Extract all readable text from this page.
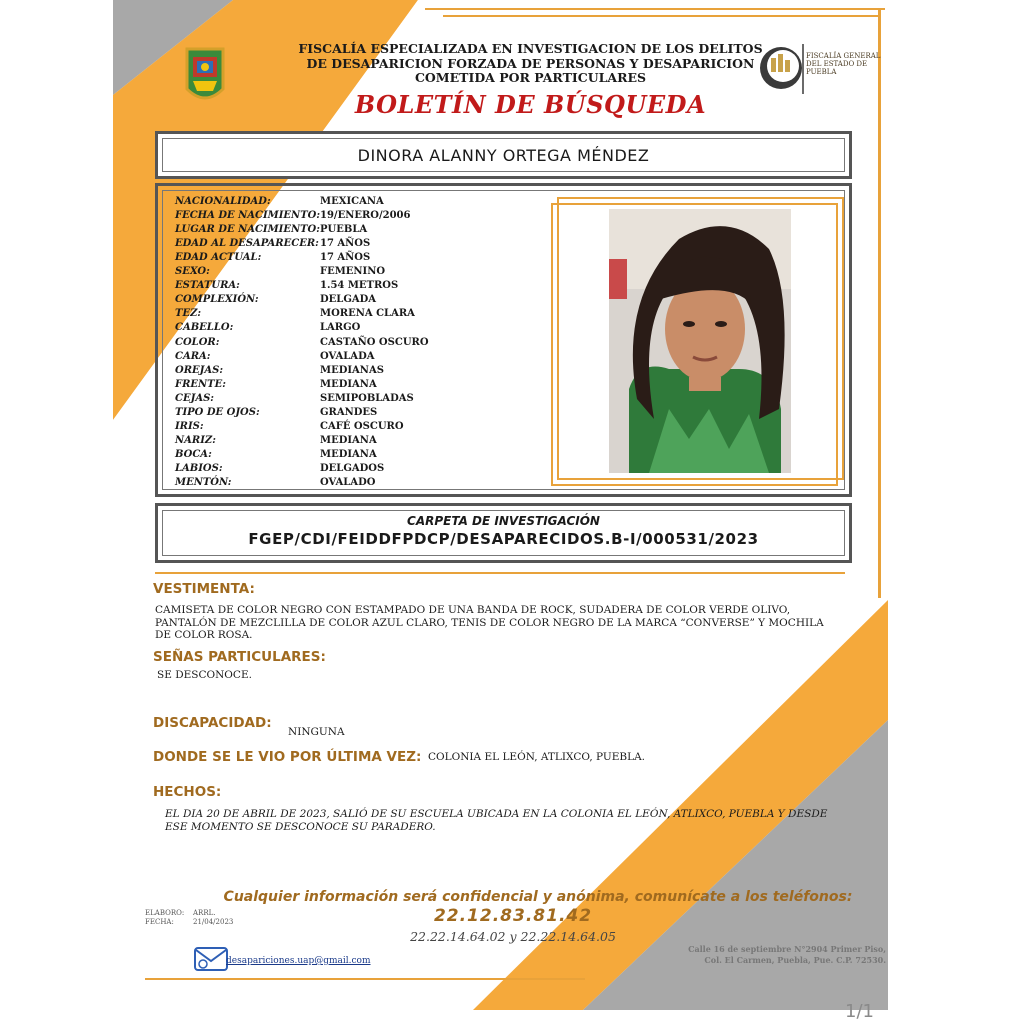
FISCALÍA GENERAL
DEL ESTADO DE
PUEBLA
FISCALÍA ESPECIALIZADA EN INVESTIGACION DE LOS DELITOS
DE DESAPARICION FORZADA DE PERSONAS Y DESAPARICION
COMETIDA POR PARTICULARES
BOLETÍN DE BÚSQUEDA
DINORA ALANNY ORTEGA MÉNDEZ
NACIONALIDAD:	MEXICANA
FECHA DE NACIMIENTO: 19/ENERO/2006
LUGAR DE NACIMIENTO: PUEBLA
EDAD AL DESAPARECER: 17 AÑOS
EDAD ACTUAL:	17 AÑOS
SEXO:	FEMENINO
ESTATURA:	1.54 METROS
COMPLEXIÓN:	DELGADA
TEZ:	MORENA CLARA
CABELLO:	LARGO
COLOR:	CASTAÑO OSCURO
CARA:	OVALADA
OREJAS:	MEDIANAS
FRENTE:	MEDIANA
CEJAS:	SEMIPOBLADAS
TIPO DE OJOS:	GRANDES
IRIS:	CAFÉ OSCURO
NARIZ:	MEDIANA
BOCA:	MEDIANA
LABIOS:	DELGADOS
MENTÓN:	OVALADO
CARPETA DE INVESTIGACIÓN
FGEP/CDI/FEIDDFPDCP/DESAPARECIDOS.B-I/000531/2023
VESTIMENTA:
CAMISETA DE COLOR NEGRO CON ESTAMPADO DE UNA BANDA DE ROCK, SUDADERA DE COLOR VERDE OLIVO,
PANTALÓN DE MEZCLILLA DE COLOR AZUL CLARO, TENIS DE COLOR NEGRO DE LA MARCA “CONVERSE” Y MOCHILA
DE COLOR ROSA.
SEÑAS PARTICULARES:
SE DESCONOCE.
DISCAPACIDAD:
NINGUNA
DONDE SE LE VIO POR ÚLTIMA VEZ: COLONIA EL LEÓN, ATLIXCO, PUEBLA.
HECHOS:
EL DIA 20 DE ABRIL DE 2023, SALIÓ DE SU ESCUELA UBICADA EN LA COLONIA EL LEÓN, ATLIXCO, PUEBLA Y DESDE
ESE MOMENTO SE DESCONOCE SU PARADERO.
Cualquier información será confidencial y anónima, comunícate a los teléfonos:
22.12.83.81.42
22.22.14.64.02 y 22.22.14.64.05
ELABORO: ARRL.
FECHA:	21/04/2023
desapariciones.uap@gmail.com
Calle 16 de septiembre N°2904 Primer Piso,
Col. El Carmen, Puebla, Pue. C.P. 72530.
1/1
